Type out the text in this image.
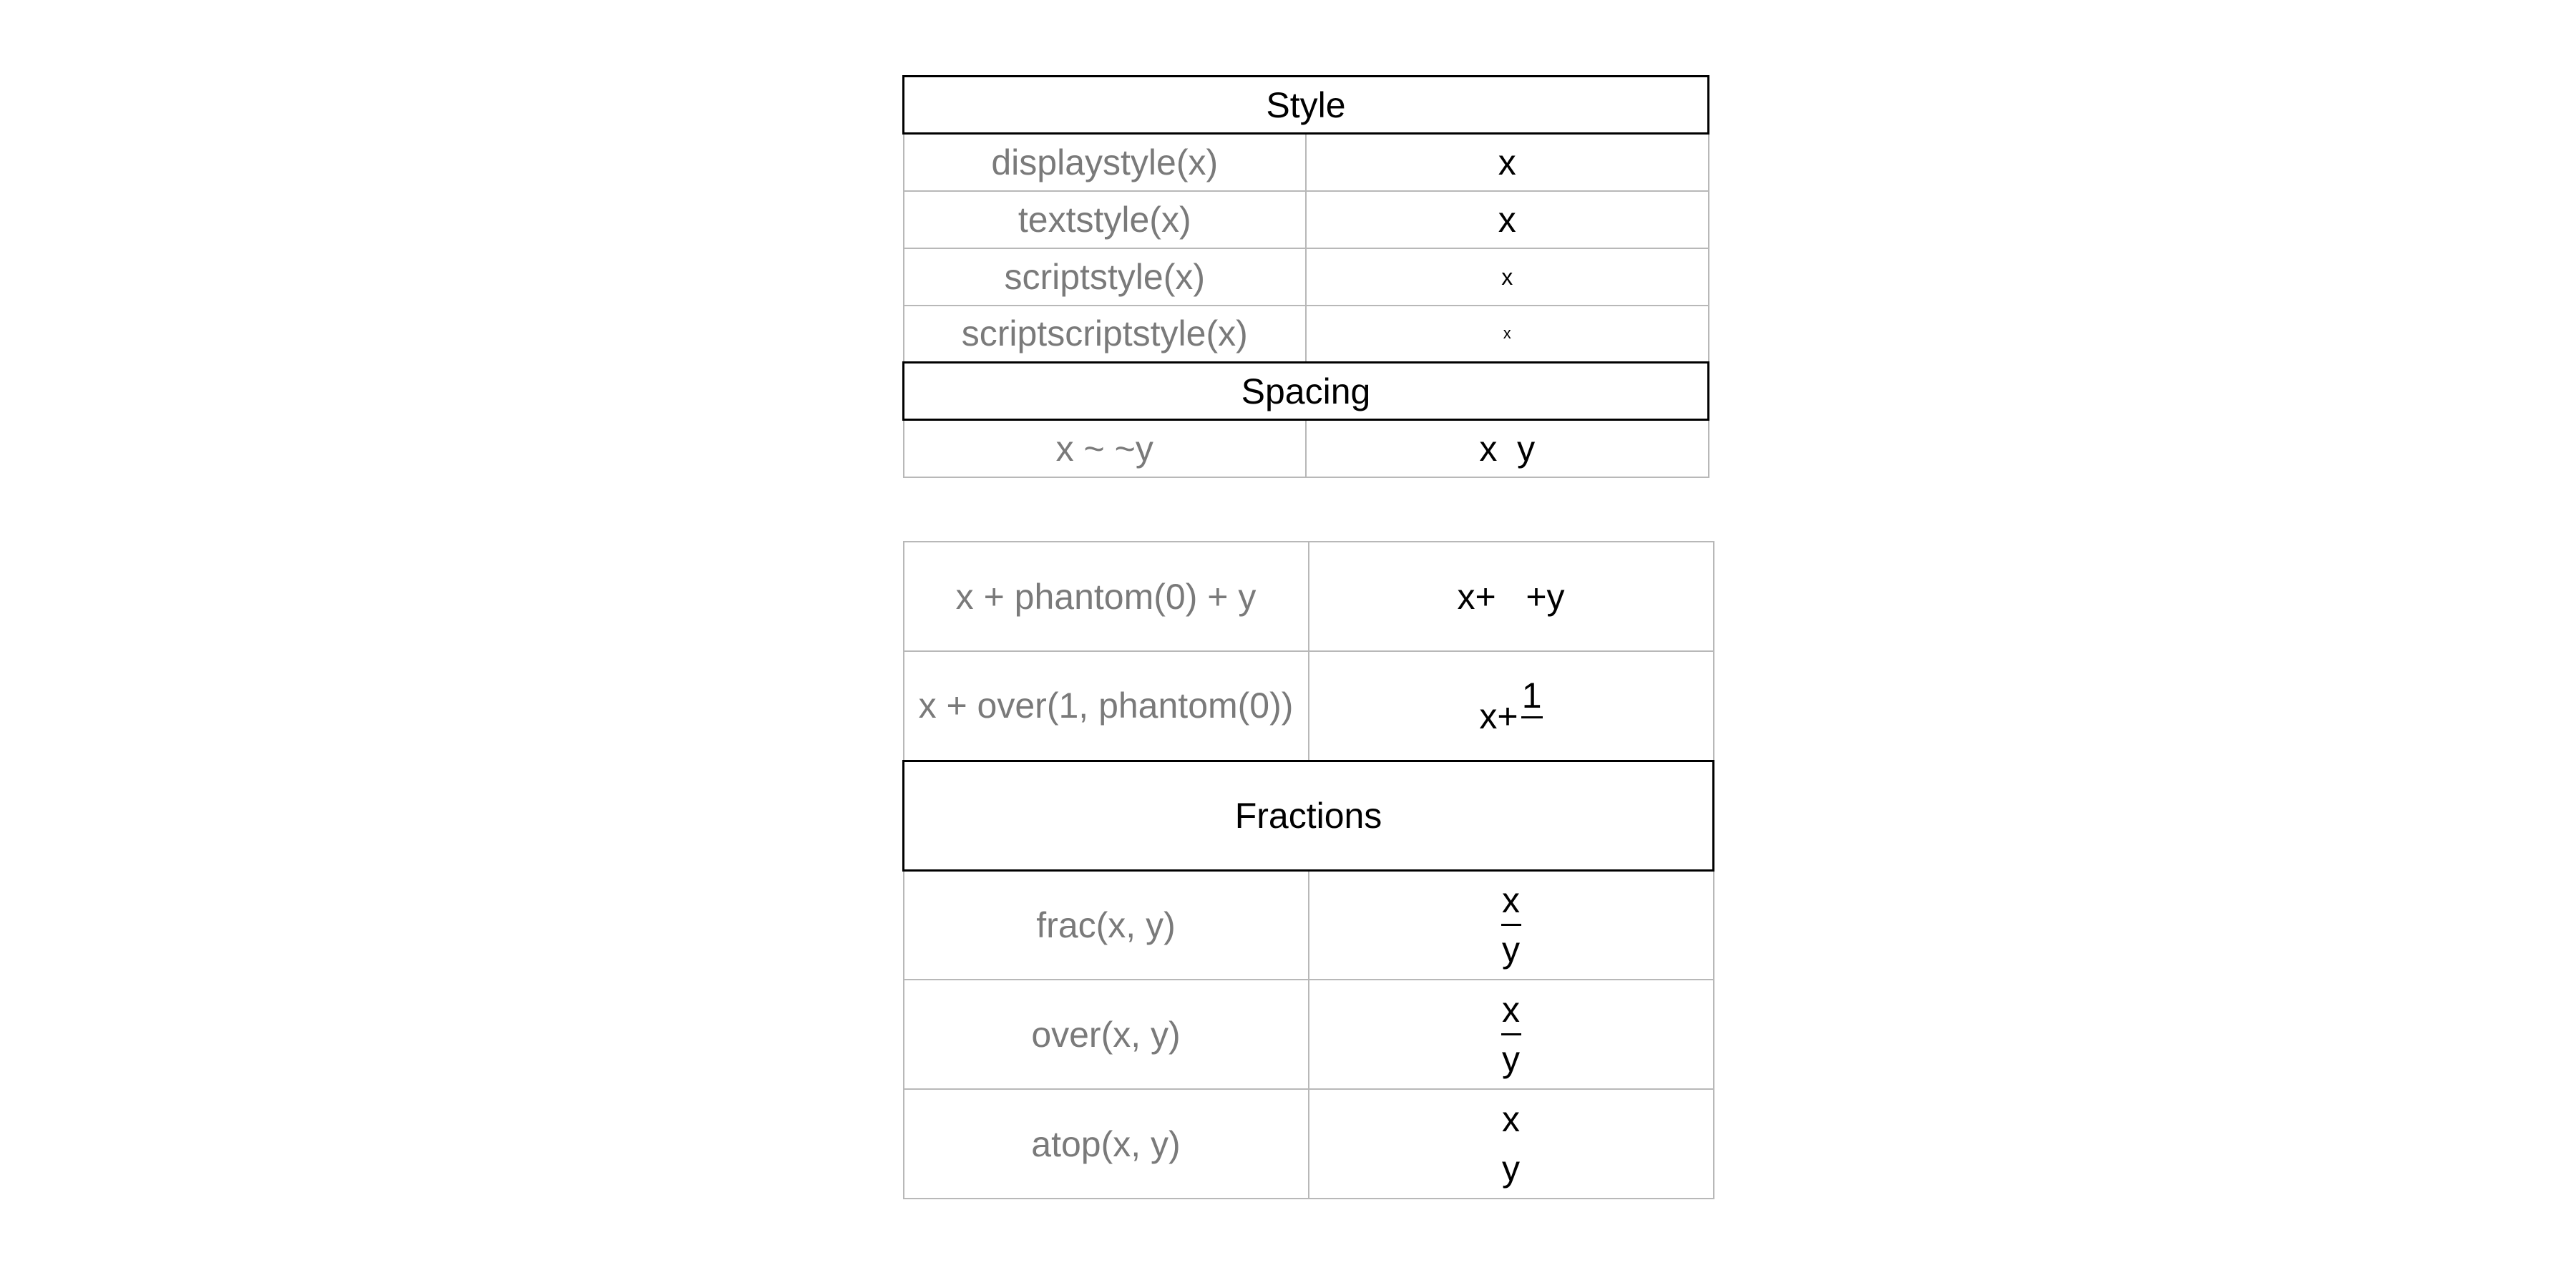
Style	
displaystyle(x)	x
textstyle(x)	x
scriptstyle(x)	x
scriptscriptstyle(x)	x
Spacing	
x ~ ~y	x  y
x + phantom(0) + y	x+   +y
x + over(1, phantom(0))	x+
1

Fractions	
frac(x, y)	$\frac{x}{y}$

over(x, y)	$\frac{x}{y}$

atop(x, y)	x
y
